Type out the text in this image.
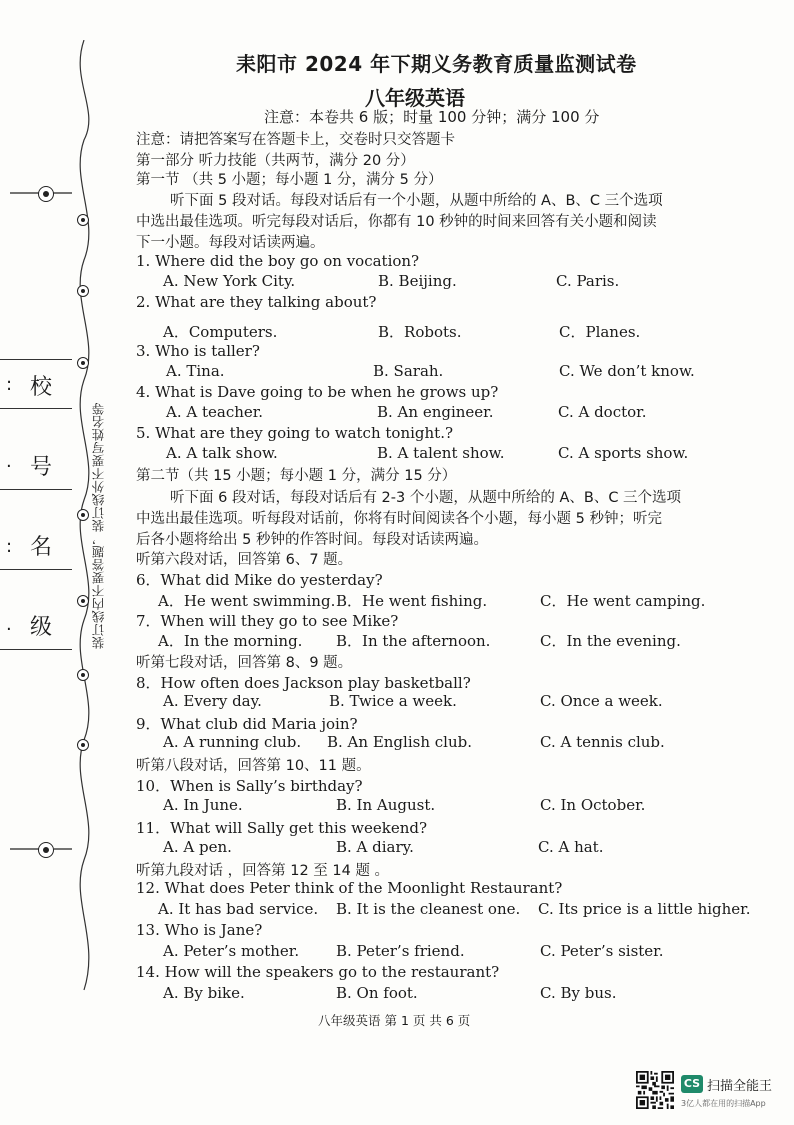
: 校
· 号
: 名
. 级	装订线内不要答题，装订线外不要写姓名等
耒阳市 2024 年下期义务教育质量监测试卷
八年级英语
注意：本卷共 6 版；时量 100 分钟；满分 100 分
注意：请把答案写在答题卡上，交卷时只交答题卡
第一部分 听力技能（共两节，满分 20 分）
第一节 （共 5 小题；每小题 1 分，满分 5 分）
听下面 5 段对话。每段对话后有一个小题，从题中所给的 A、B、C 三个选项
中选出最佳选项。听完每段对话后，你都有 10 秒钟的时间来回答有关小题和阅读
下一小题。每段对话读两遍。
1. Where did the boy go on vocation?
A. New York City.	B. Beijing.	C. Paris.
2. What are they talking about?
A．Computers.	B．Robots.	C．Planes.
3. Who is taller?
A. Tina.	B. Sarah.	C. We don’t know.
4. What is Dave going to be when he grows up?
A. A teacher.	B. An engineer.	C. A doctor.
5. What are they going to watch tonight.?
A. A talk show.	B. A talent show.	C. A sports show.
第二节（共 15 小题；每小题 1 分，满分 15 分）
听下面 6 段对话，每段对话后有 2-3 个小题，从题中所给的 A、B、C 三个选项
中选出最佳选项。听每段对话前，你将有时间阅读各个小题，每小题 5 秒钟；听完
后各小题将给出 5 秒钟的作答时间。每段对话读两遍。
听第六段对话，回答第 6、7 题。
6．What did Mike do yesterday?
A．He went swimming. B．He went fishing.	C．He went camping.
7．When will they go to see Mike?
A．In the morning. B．In the afternoon.	C．In the evening.
听第七段对话，回答第 8、9 题。
8．How often does Jackson play basketball?
A. Every day.	B. Twice a week.	C. Once a week.
9．What club did Maria join?
A. A running club. B. An English club.	C. A tennis club.
听第八段对话，回答第 10、11 题。
10．When is Sally’s birthday?
A. In June.	B. In August.	C. In October.
11．What will Sally get this weekend?
A. A pen.	B. A diary.	C. A hat.
听第九段对话 ，回答第 12 至 14 题 。
12. What does Peter think of the Moonlight Restaurant?
A. It has bad service. B. It is the cleanest one. C. Its price is a little higher.
13. Who is Jane?
A. Peter’s mother. B. Peter’s friend.	C. Peter’s sister.
14. How will the speakers go to the restaurant?
A. By bike.	B. On foot.	C. By bus.
八年级英语 第 1 页 共 6 页
CS 扫描全能王
3亿人都在用的扫描App
